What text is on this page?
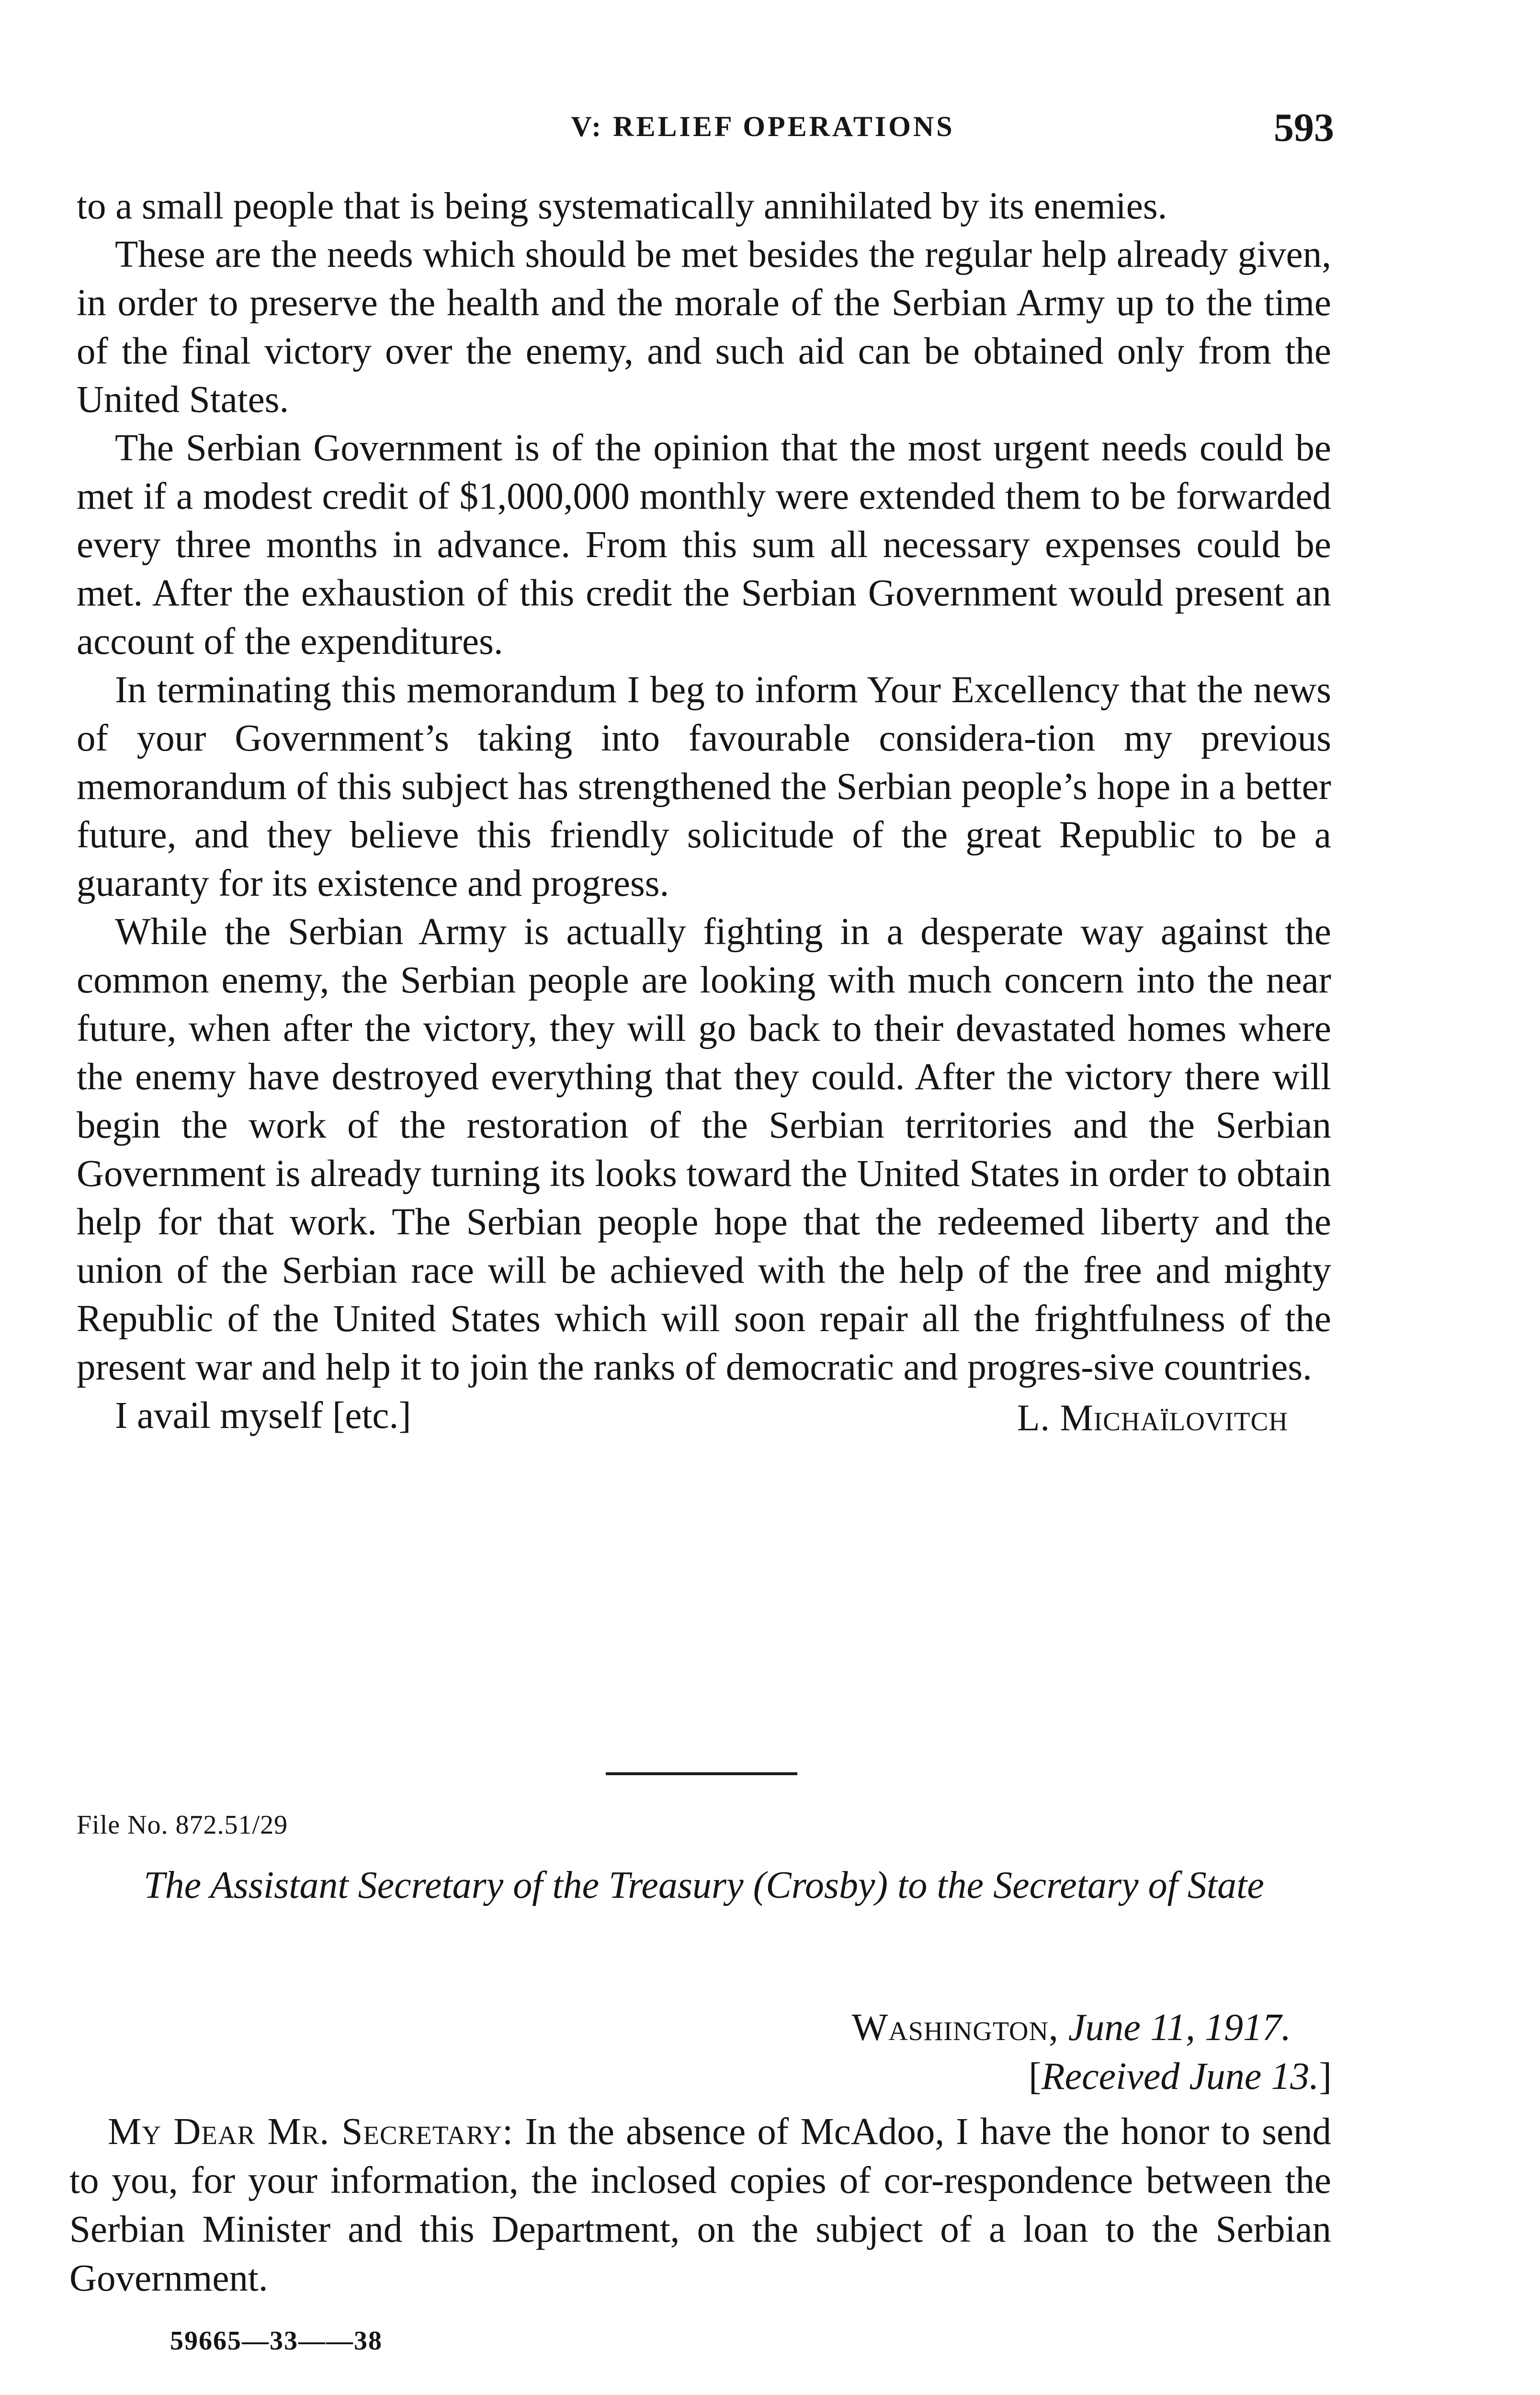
V: RELIEF OPERATIONS	593

to a small people that is being systematically annihilated by its enemies.

These are the needs which should be met besides the regular help already given, in order to preserve the health and the morale of the Serbian Army up to the time of the final victory over the enemy, and such aid can be obtained only from the United States.

The Serbian Government is of the opinion that the most urgent needs could be met if a modest credit of $1,000,000 monthly were extended them to be forwarded every three months in advance. From this sum all necessary expenses could be met. After the exhaustion of this credit the Serbian Government would present an account of the expenditures.

In terminating this memorandum I beg to inform Your Excellency that the news of your Government’s taking into favourable considera-tion my previous memorandum of this subject has strengthened the Serbian people’s hope in a better future, and they believe this friendly solicitude of the great Republic to be a guaranty for its existence and progress.

While the Serbian Army is actually fighting in a desperate way against the common enemy, the Serbian people are looking with much concern into the near future, when after the victory, they will go back to their devastated homes where the enemy have destroyed everything that they could. After the victory there will begin the work of the restoration of the Serbian territories and the Serbian Government is already turning its looks toward the United States in order to obtain help for that work. The Serbian people hope that the redeemed liberty and the union of the Serbian race will be achieved with the help of the free and mighty Republic of the United States which will soon repair all the frightfulness of the present war and help it to join the ranks of democratic and progres-sive countries.

I avail myself [etc.]	L. Michaïlovitch
File No. 872.51/29
The Assistant Secretary of the Treasury (Crosby) to the Secretary of State
Washington, June 11, 1917.
[Received June 13.]

My Dear Mr. Secretary: In the absence of McAdoo, I have the honor to send to you, for your information, the inclosed copies of cor-respondence between the Serbian Minister and this Department, on the subject of a loan to the Serbian Government.

59665—33——38
